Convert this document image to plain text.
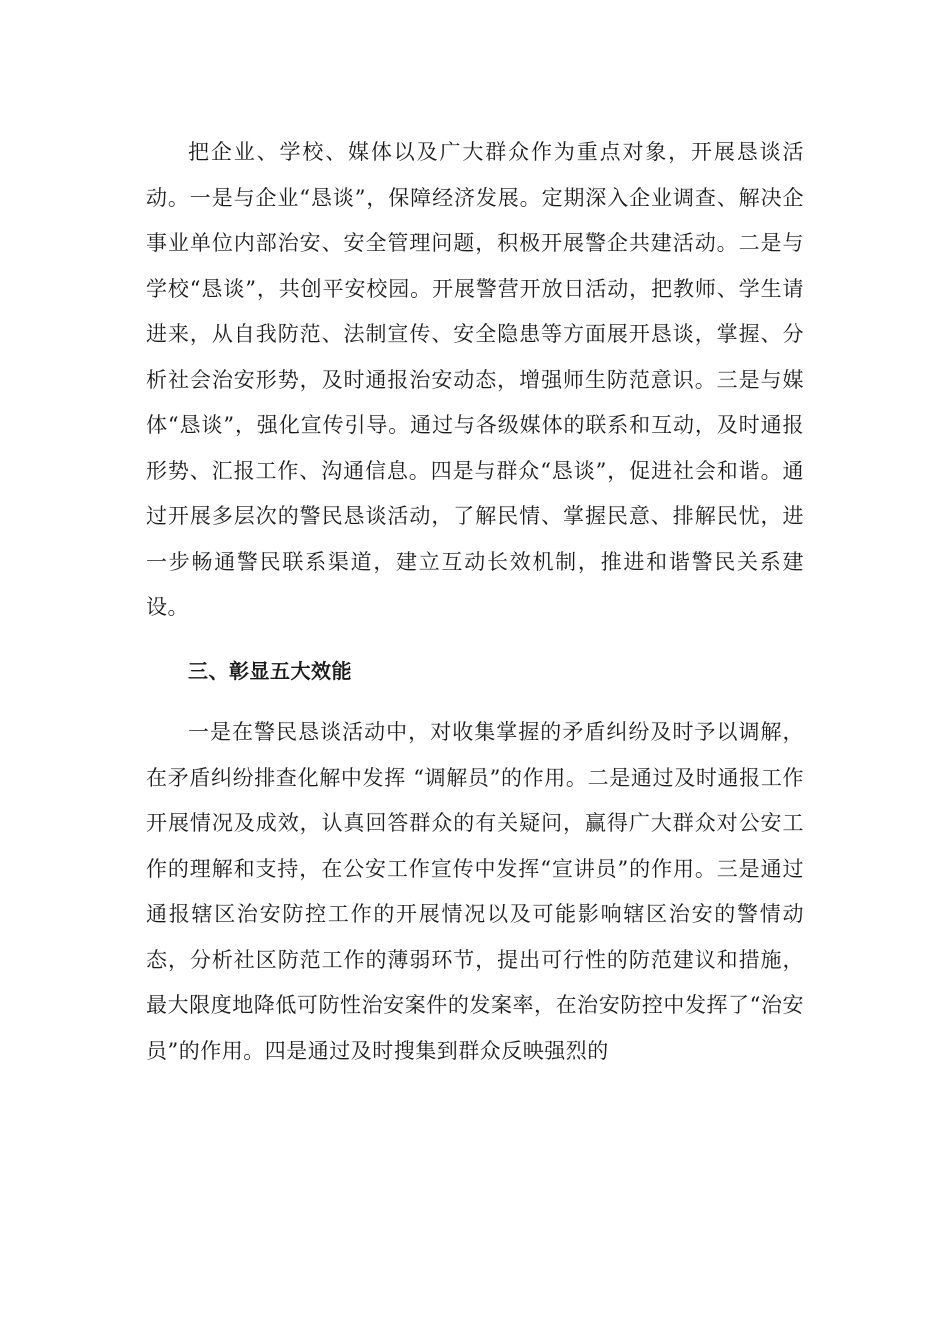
把企业、学校、媒体以及广大群众作为重点对象，开展恳谈活动。一是与企业“恳谈”，保障经济发展。定期深入企业调查、解决企事业单位内部治安、安全管理问题，积极开展警企共建活动。二是与学校“恳谈”，共创平安校园。开展警营开放日活动，把教师、学生请进来，从自我防范、法制宣传、安全隐患等方面展开恳谈，掌握、分析社会治安形势，及时通报治安动态，增强师生防范意识。三是与媒体“恳谈”，强化宣传引导。通过与各级媒体的联系和互动，及时通报形势、汇报工作、沟通信息。四是与群众“恳谈”，促进社会和谐。通过开展多层次的警民恳谈活动，了解民情、掌握民意、排解民忧，进一步畅通警民联系渠道，建立互动长效机制，推进和谐警民关系建设。

三、彰显五大效能

一是在警民恳谈活动中，对收集掌握的矛盾纠纷及时予以调解，在矛盾纠纷排查化解中发挥 “调解员”的作用。二是通过及时通报工作开展情况及成效，认真回答群众的有关疑问，赢得广大群众对公安工作的理解和支持，在公安工作宣传中发挥“宣讲员”的作用。三是通过通报辖区治安防控工作的开展情况以及可能影响辖区治安的警情动态，分析社区防范工作的薄弱环节，提出可行性的防范建议和措施，最大限度地降低可防性治安案件的发案率，在治安防控中发挥了“治安员”的作用。四是通过及时搜集到群众反映强烈的
